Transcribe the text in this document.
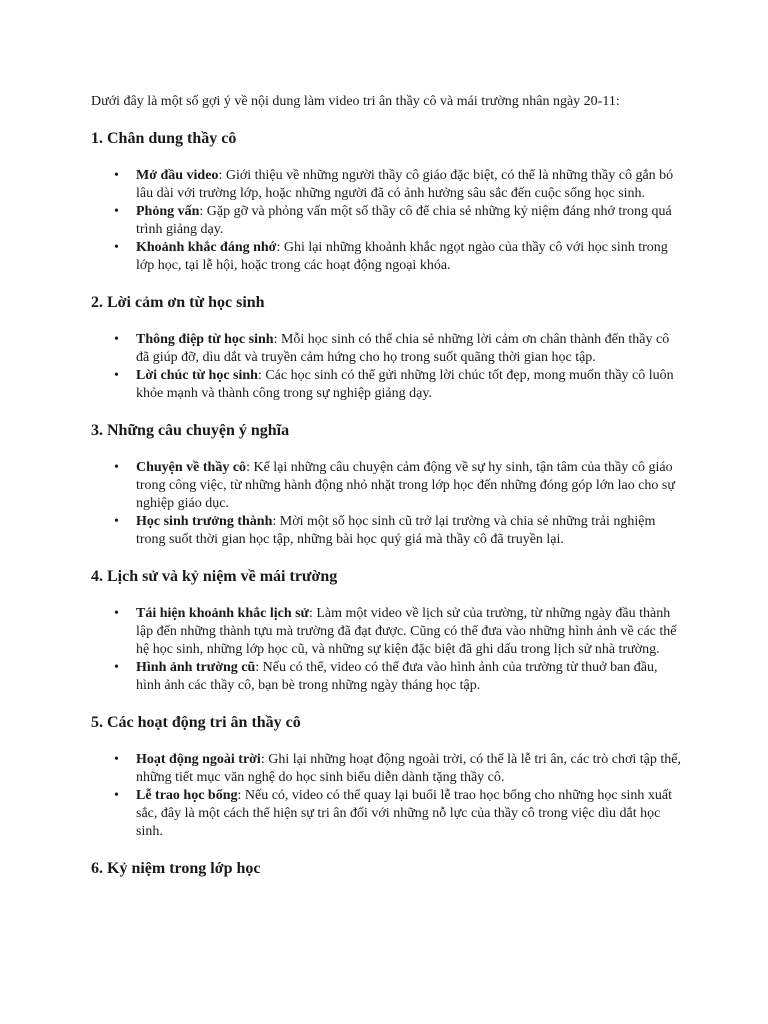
Dưới đây là một số gợi ý về nội dung làm video tri ân thầy cô và mái trường nhân ngày 20-11:

1. Chân dung thầy cô
• Mở đầu video: Giới thiệu về những người thầy cô giáo đặc biệt, có thể là những thầy cô gắn bó lâu dài với trường lớp, hoặc những người đã có ảnh hưởng sâu sắc đến cuộc sống học sinh.
• Phỏng vấn: Gặp gỡ và phỏng vấn một số thầy cô để chia sẻ những kỷ niệm đáng nhớ trong quá trình giảng dạy.
• Khoảnh khắc đáng nhớ: Ghi lại những khoảnh khắc ngọt ngào của thầy cô với học sinh trong lớp học, tại lễ hội, hoặc trong các hoạt động ngoại khóa.
2. Lời cảm ơn từ học sinh
• Thông điệp từ học sinh: Mỗi học sinh có thể chia sẻ những lời cảm ơn chân thành đến thầy cô đã giúp đỡ, dìu dắt và truyền cảm hứng cho họ trong suốt quãng thời gian học tập.
• Lời chúc từ học sinh: Các học sinh có thể gửi những lời chúc tốt đẹp, mong muốn thầy cô luôn khỏe mạnh và thành công trong sự nghiệp giảng dạy.
3. Những câu chuyện ý nghĩa
• Chuyện về thầy cô: Kể lại những câu chuyện cảm động về sự hy sinh, tận tâm của thầy cô giáo trong công việc, từ những hành động nhỏ nhặt trong lớp học đến những đóng góp lớn lao cho sự nghiệp giáo dục.
• Học sinh trưởng thành: Mời một số học sinh cũ trở lại trường và chia sẻ những trải nghiệm trong suốt thời gian học tập, những bài học quý giá mà thầy cô đã truyền lại.
4. Lịch sử và kỷ niệm về mái trường
• Tái hiện khoảnh khắc lịch sử: Làm một video về lịch sử của trường, từ những ngày đầu thành lập đến những thành tựu mà trường đã đạt được. Cũng có thể đưa vào những hình ảnh về các thế hệ học sinh, những lớp học cũ, và những sự kiện đặc biệt đã ghi dấu trong lịch sử nhà trường.
• Hình ảnh trường cũ: Nếu có thể, video có thể đưa vào hình ảnh của trường từ thuở ban đầu, hình ảnh các thầy cô, bạn bè trong những ngày tháng học tập.
5. Các hoạt động tri ân thầy cô
• Hoạt động ngoài trời: Ghi lại những hoạt động ngoài trời, có thể là lễ tri ân, các trò chơi tập thể, những tiết mục văn nghệ do học sinh biểu diễn dành tặng thầy cô.
• Lễ trao học bổng: Nếu có, video có thể quay lại buổi lễ trao học bổng cho những học sinh xuất sắc, đây là một cách thể hiện sự tri ân đối với những nỗ lực của thầy cô trong việc dìu dắt học sinh.
6. Kỷ niệm trong lớp học
